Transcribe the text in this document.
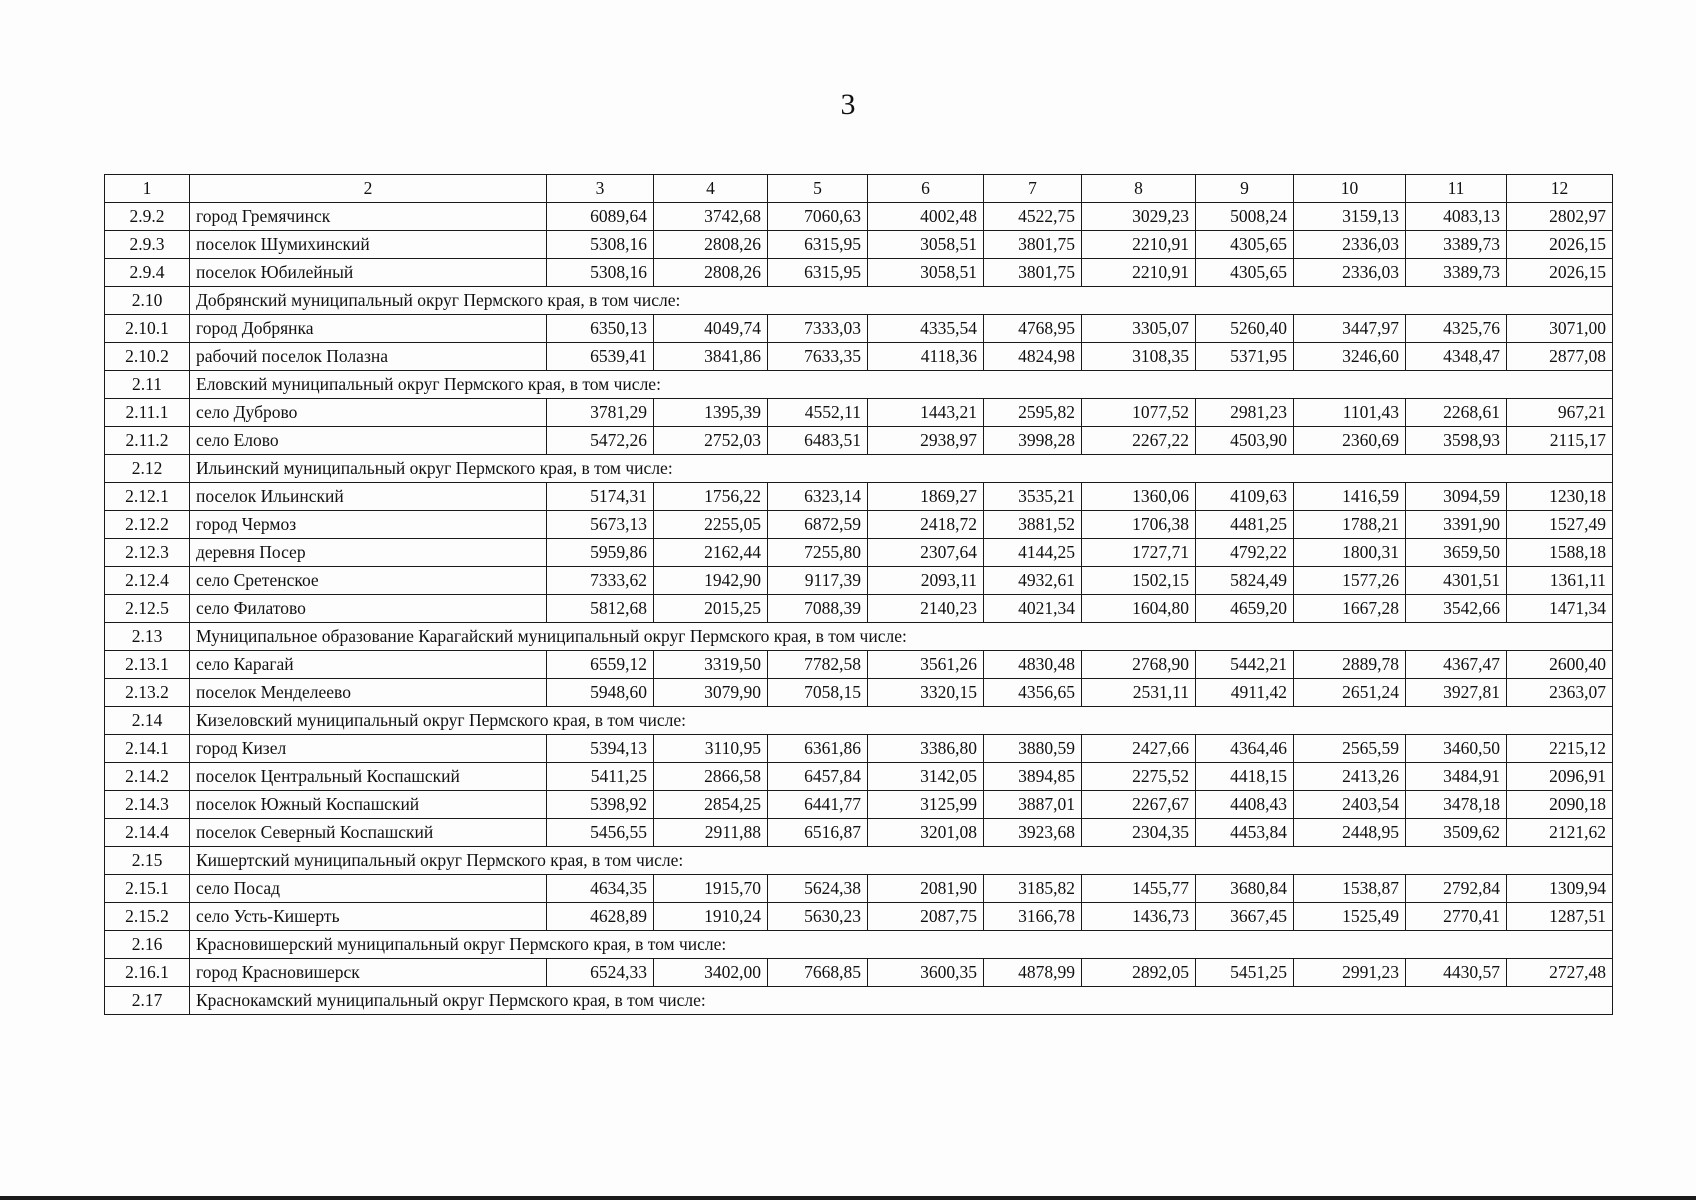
3
1	2	3	4	5	6	7	8	9	10	11	12
2.9.2	город Гремячинск	6089,64	3742,68	7060,63	4002,48	4522,75	3029,23	5008,24	3159,13	4083,13	2802,97
2.9.3	поселок Шумихинский	5308,16	2808,26	6315,95	3058,51	3801,75	2210,91	4305,65	2336,03	3389,73	2026,15
2.9.4	поселок Юбилейный	5308,16	2808,26	6315,95	3058,51	3801,75	2210,91	4305,65	2336,03	3389,73	2026,15
2.10	Добрянский муниципальный округ Пермского края, в том числе:										
2.10.1	город Добрянка	6350,13	4049,74	7333,03	4335,54	4768,95	3305,07	5260,40	3447,97	4325,76	3071,00
2.10.2	рабочий поселок Полазна	6539,41	3841,86	7633,35	4118,36	4824,98	3108,35	5371,95	3246,60	4348,47	2877,08
2.11	Еловский муниципальный округ Пермского края, в том числе:										
2.11.1	село Дуброво	3781,29	1395,39	4552,11	1443,21	2595,82	1077,52	2981,23	1101,43	2268,61	967,21
2.11.2	село Елово	5472,26	2752,03	6483,51	2938,97	3998,28	2267,22	4503,90	2360,69	3598,93	2115,17
2.12	Ильинский муниципальный округ Пермского края, в том числе:										
2.12.1	поселок Ильинский	5174,31	1756,22	6323,14	1869,27	3535,21	1360,06	4109,63	1416,59	3094,59	1230,18
2.12.2	город Чермоз	5673,13	2255,05	6872,59	2418,72	3881,52	1706,38	4481,25	1788,21	3391,90	1527,49
2.12.3	деревня Посер	5959,86	2162,44	7255,80	2307,64	4144,25	1727,71	4792,22	1800,31	3659,50	1588,18
2.12.4	село Сретенское	7333,62	1942,90	9117,39	2093,11	4932,61	1502,15	5824,49	1577,26	4301,51	1361,11
2.12.5	село Филатово	5812,68	2015,25	7088,39	2140,23	4021,34	1604,80	4659,20	1667,28	3542,66	1471,34
2.13	Муниципальное образование Карагайский муниципальный округ Пермского края, в том числе:										
2.13.1	село Карагай	6559,12	3319,50	7782,58	3561,26	4830,48	2768,90	5442,21	2889,78	4367,47	2600,40
2.13.2	поселок Менделеево	5948,60	3079,90	7058,15	3320,15	4356,65	2531,11	4911,42	2651,24	3927,81	2363,07
2.14	Кизеловский муниципальный округ Пермского края, в том числе:										
2.14.1	город Кизел	5394,13	3110,95	6361,86	3386,80	3880,59	2427,66	4364,46	2565,59	3460,50	2215,12
2.14.2	поселок Центральный Коспашский	5411,25	2866,58	6457,84	3142,05	3894,85	2275,52	4418,15	2413,26	3484,91	2096,91
2.14.3	поселок Южный Коспашский	5398,92	2854,25	6441,77	3125,99	3887,01	2267,67	4408,43	2403,54	3478,18	2090,18
2.14.4	поселок Северный Коспашский	5456,55	2911,88	6516,87	3201,08	3923,68	2304,35	4453,84	2448,95	3509,62	2121,62
2.15	Кишертский муниципальный округ Пермского края, в том числе:										
2.15.1	село Посад	4634,35	1915,70	5624,38	2081,90	3185,82	1455,77	3680,84	1538,87	2792,84	1309,94
2.15.2	село Усть-Кишерть	4628,89	1910,24	5630,23	2087,75	3166,78	1436,73	3667,45	1525,49	2770,41	1287,51
2.16	Красновишерский муниципальный округ Пермского края, в том числе:										
2.16.1	город Красновишерск	6524,33	3402,00	7668,85	3600,35	4878,99	2892,05	5451,25	2991,23	4430,57	2727,48
2.17	Краснокамский муниципальный округ Пермского края, в том числе:										
